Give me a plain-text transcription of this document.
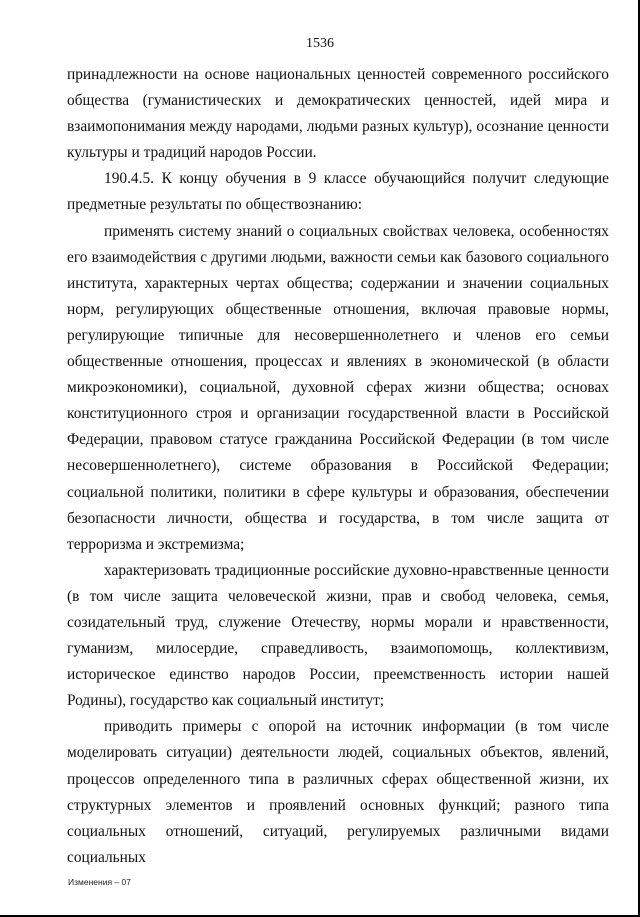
1536

принадлежности на основе национальных ценностей современного российского общества (гуманистических и демократических ценностей, идей мира и взаимопонимания между народами, людьми разных культур), осознание ценности культуры и традиций народов России.

190.4.5. К концу обучения в 9 классе обучающийся получит следующие предметные результаты по обществознанию:

применять систему знаний о социальных свойствах человека, особенностях его взаимодействия с другими людьми, важности семьи как базового социального института, характерных чертах общества; содержании и значении социальных норм, регулирующих общественные отношения, включая правовые нормы, регулирующие типичные для несовершеннолетнего и членов его семьи общественные отношения, процессах и явлениях в экономической (в области микроэкономики), социальной, духовной сферах жизни общества; основах конституционного строя и организации государственной власти в Российской Федерации, правовом статусе гражданина Российской Федерации (в том числе несовершеннолетнего), системе образования в Российской Федерации; социальной политики, политики в сфере культуры и образования, обеспечении безопасности личности, общества и государства, в том числе защита от терроризма и экстремизма;

характеризовать традиционные российские духовно-нравственные ценности (в том числе защита человеческой жизни, прав и свобод человека, семья, созидательный труд, служение Отечеству, нормы морали и нравственности, гуманизм, милосердие, справедливость, взаимопомощь, коллективизм, историческое единство народов России, преемственность истории нашей Родины), государство как социальный институт;

приводить примеры с опорой на источник информации (в том числе моделировать ситуации) деятельности людей, социальных объектов, явлений, процессов определенного типа в различных сферах общественной жизни, их структурных элементов и проявлений основных функций; разного типа социальных отношений, ситуаций, регулируемых различными видами социальных

Изменения – 07
